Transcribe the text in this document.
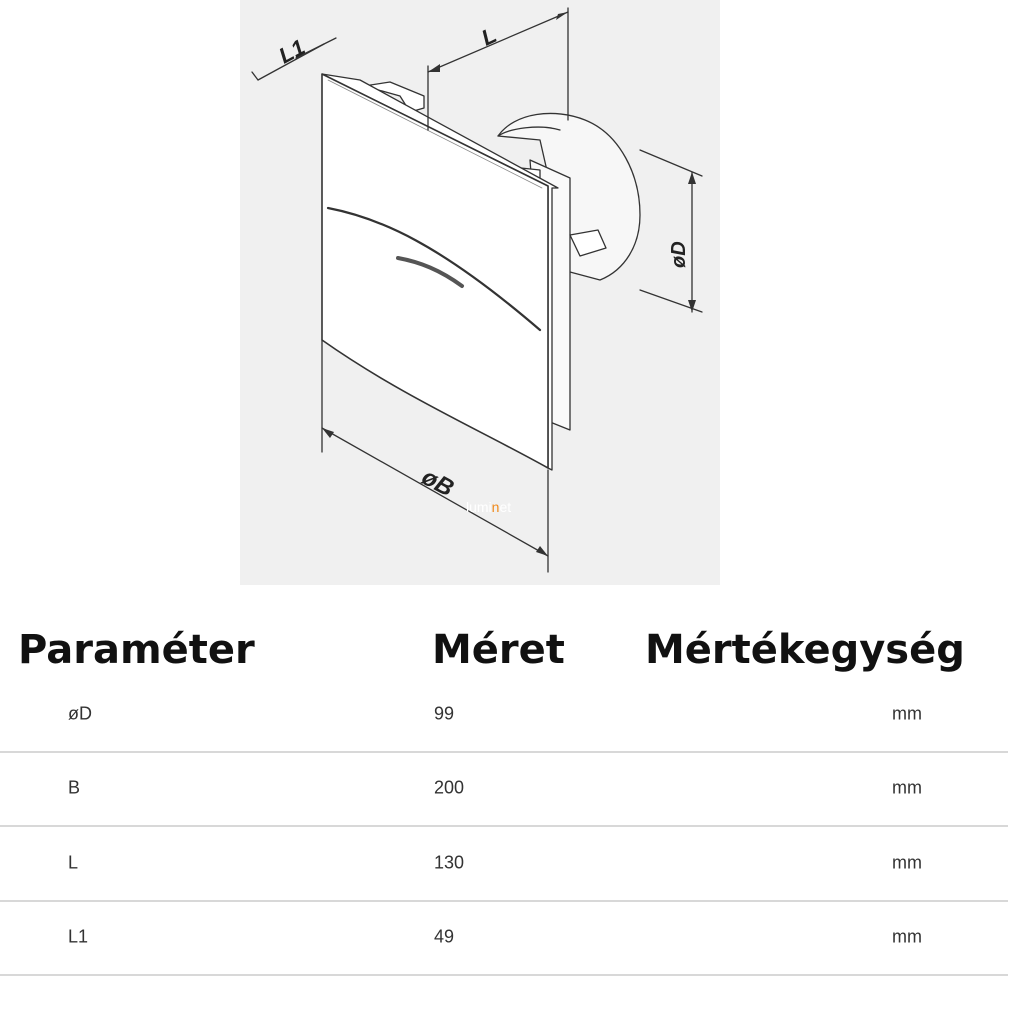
L1	L
øD
øB
luminet
Paraméter	Méret Mértékegység
øD	99	mm
B	200	mm
L	130	mm
L1	49	mm
